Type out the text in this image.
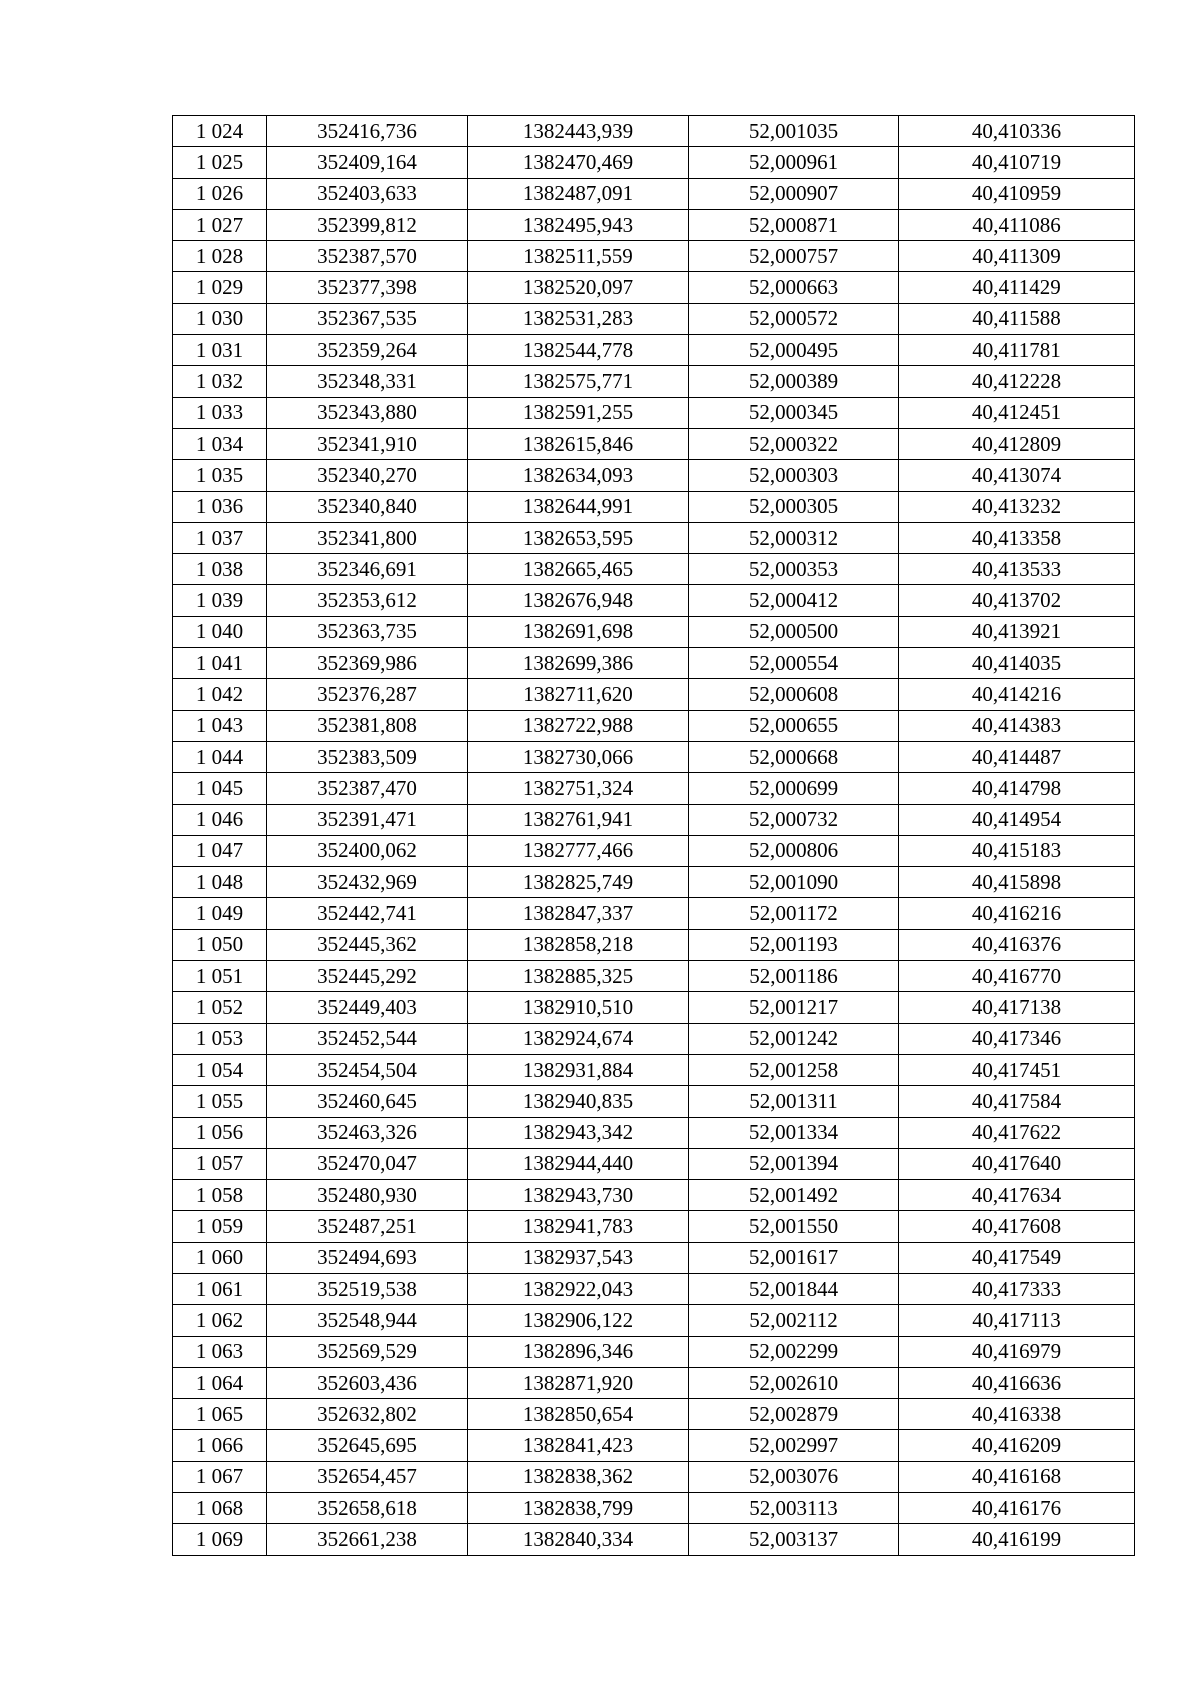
1 024	352416,736	1382443,939	52,001035	40,410336
1 025	352409,164	1382470,469	52,000961	40,410719
1 026	352403,633	1382487,091	52,000907	40,410959
1 027	352399,812	1382495,943	52,000871	40,411086
1 028	352387,570	1382511,559	52,000757	40,411309
1 029	352377,398	1382520,097	52,000663	40,411429
1 030	352367,535	1382531,283	52,000572	40,411588
1 031	352359,264	1382544,778	52,000495	40,411781
1 032	352348,331	1382575,771	52,000389	40,412228
1 033	352343,880	1382591,255	52,000345	40,412451
1 034	352341,910	1382615,846	52,000322	40,412809
1 035	352340,270	1382634,093	52,000303	40,413074
1 036	352340,840	1382644,991	52,000305	40,413232
1 037	352341,800	1382653,595	52,000312	40,413358
1 038	352346,691	1382665,465	52,000353	40,413533
1 039	352353,612	1382676,948	52,000412	40,413702
1 040	352363,735	1382691,698	52,000500	40,413921
1 041	352369,986	1382699,386	52,000554	40,414035
1 042	352376,287	1382711,620	52,000608	40,414216
1 043	352381,808	1382722,988	52,000655	40,414383
1 044	352383,509	1382730,066	52,000668	40,414487
1 045	352387,470	1382751,324	52,000699	40,414798
1 046	352391,471	1382761,941	52,000732	40,414954
1 047	352400,062	1382777,466	52,000806	40,415183
1 048	352432,969	1382825,749	52,001090	40,415898
1 049	352442,741	1382847,337	52,001172	40,416216
1 050	352445,362	1382858,218	52,001193	40,416376
1 051	352445,292	1382885,325	52,001186	40,416770
1 052	352449,403	1382910,510	52,001217	40,417138
1 053	352452,544	1382924,674	52,001242	40,417346
1 054	352454,504	1382931,884	52,001258	40,417451
1 055	352460,645	1382940,835	52,001311	40,417584
1 056	352463,326	1382943,342	52,001334	40,417622
1 057	352470,047	1382944,440	52,001394	40,417640
1 058	352480,930	1382943,730	52,001492	40,417634
1 059	352487,251	1382941,783	52,001550	40,417608
1 060	352494,693	1382937,543	52,001617	40,417549
1 061	352519,538	1382922,043	52,001844	40,417333
1 062	352548,944	1382906,122	52,002112	40,417113
1 063	352569,529	1382896,346	52,002299	40,416979
1 064	352603,436	1382871,920	52,002610	40,416636
1 065	352632,802	1382850,654	52,002879	40,416338
1 066	352645,695	1382841,423	52,002997	40,416209
1 067	352654,457	1382838,362	52,003076	40,416168
1 068	352658,618	1382838,799	52,003113	40,416176
1 069	352661,238	1382840,334	52,003137	40,416199
